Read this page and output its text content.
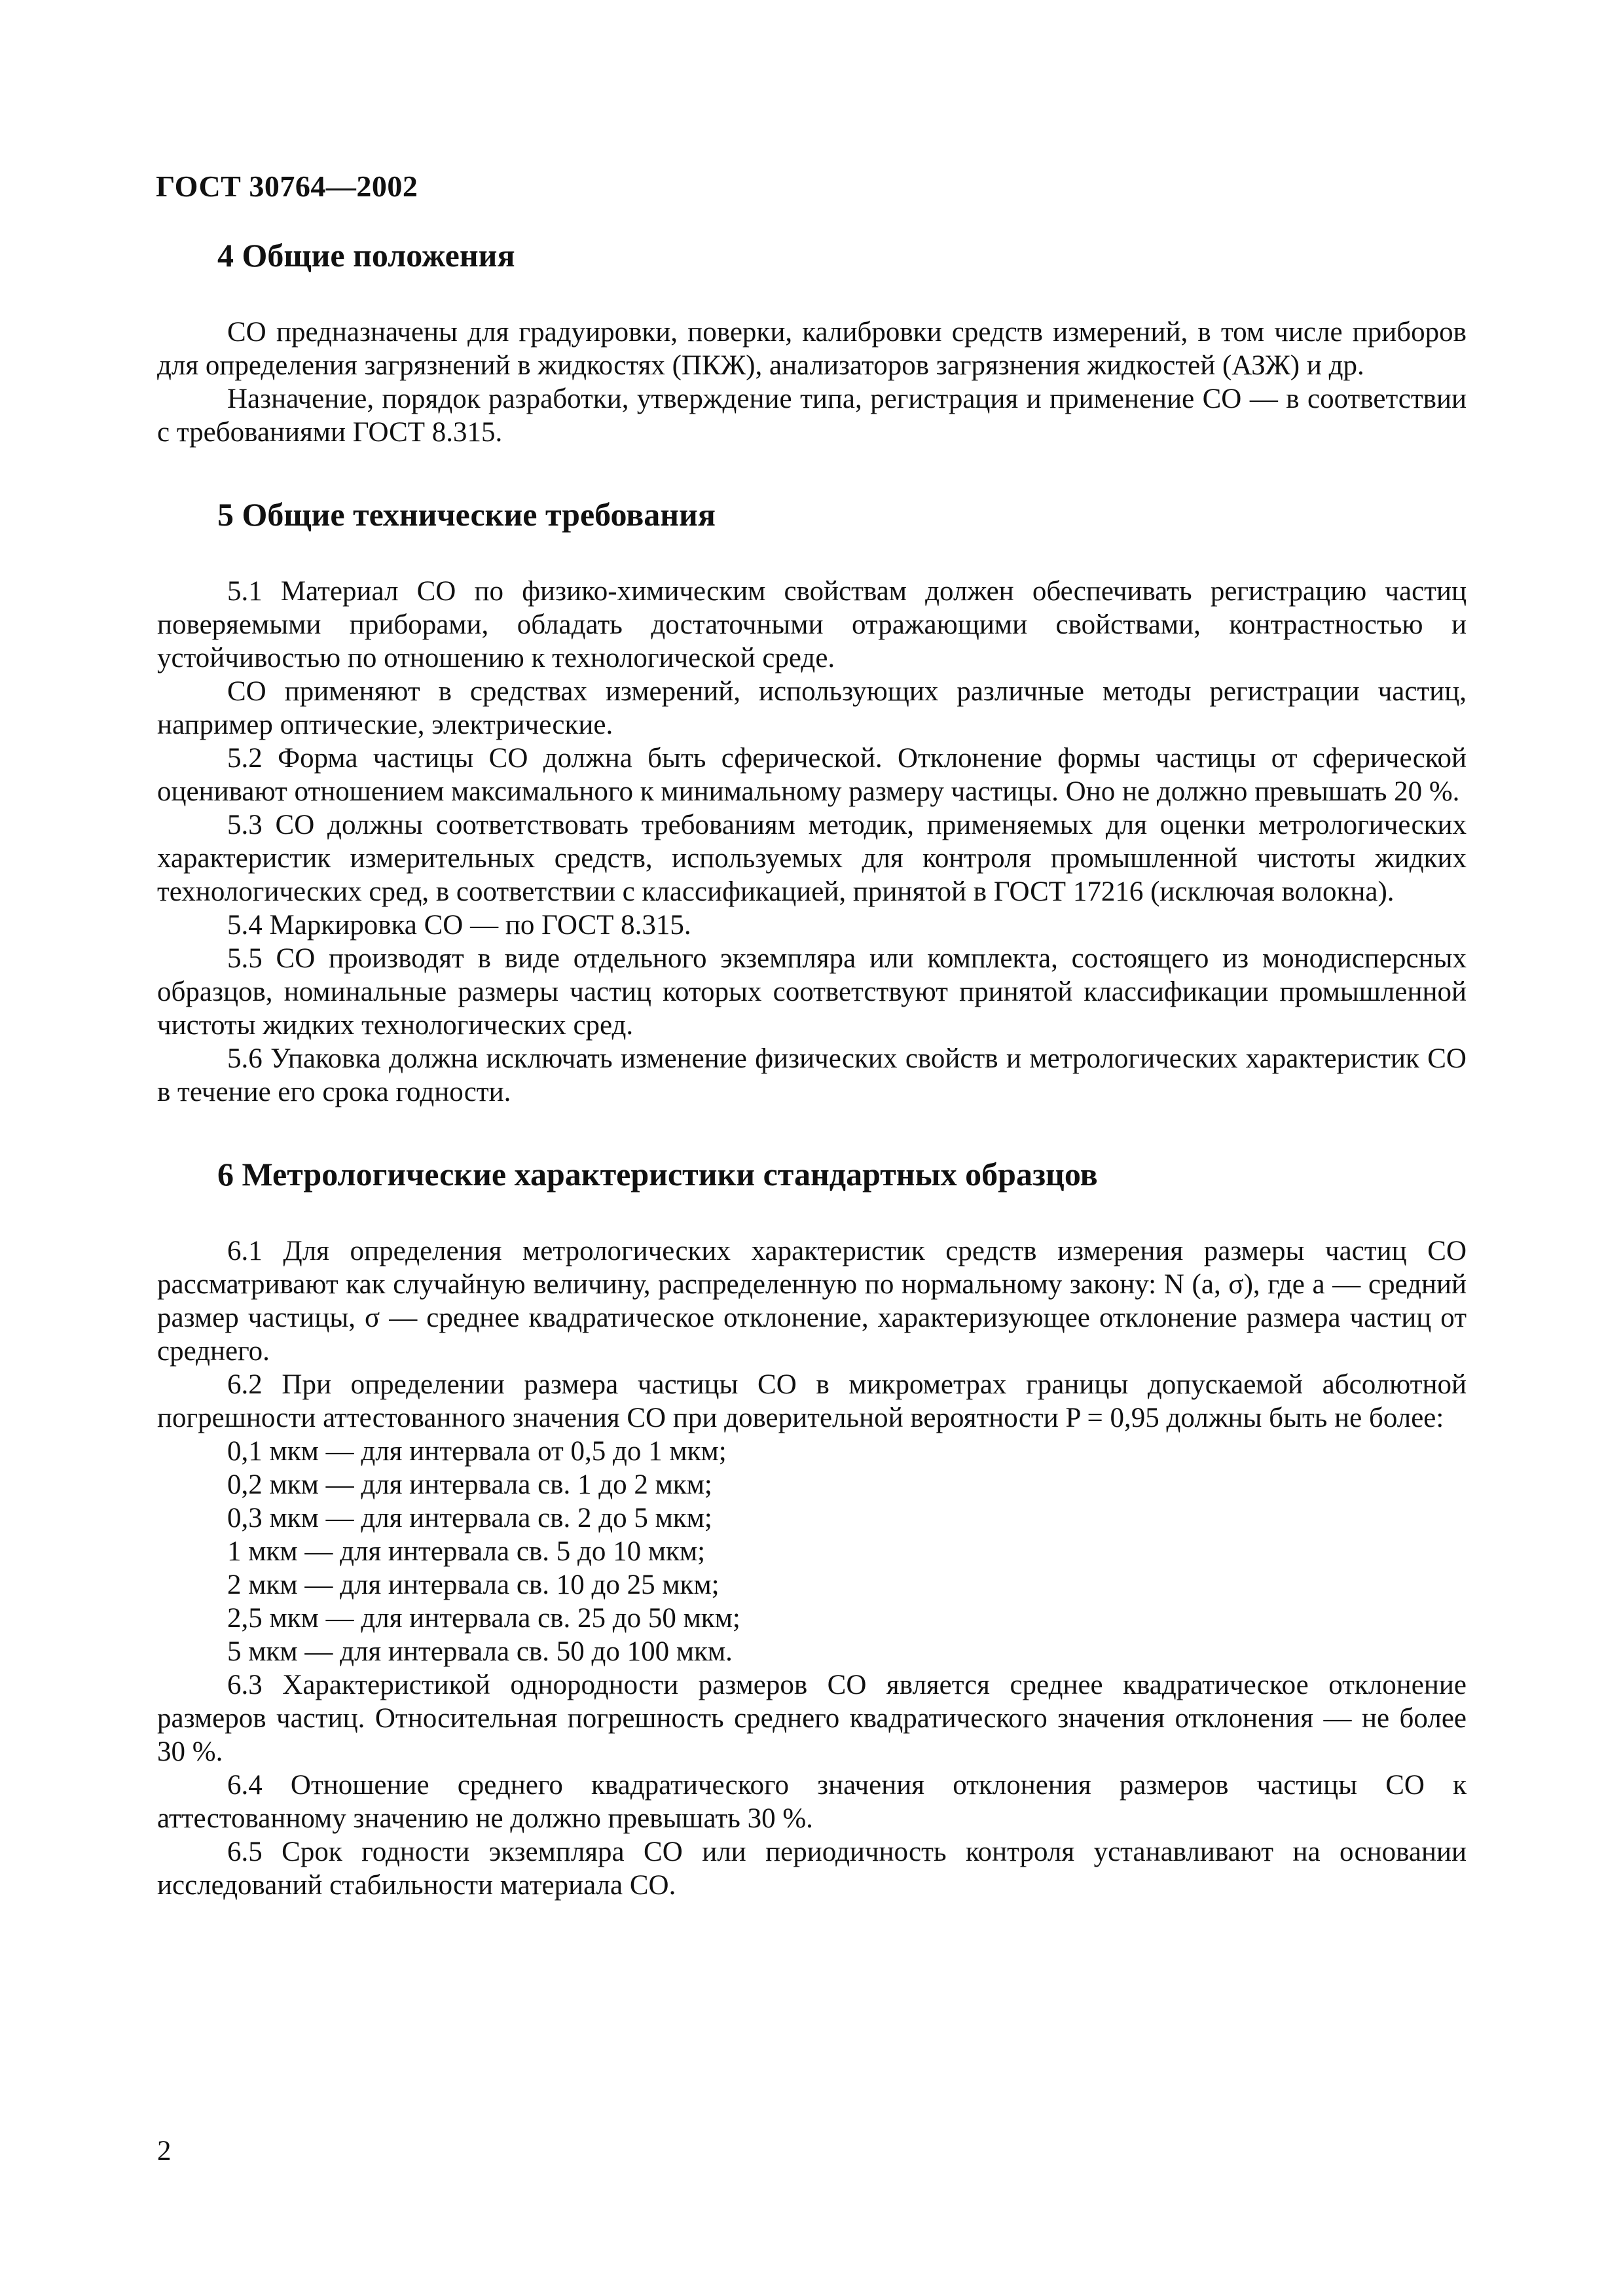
ГОСТ 30764—2002
4 Общие положения

СО предназначены для градуировки, поверки, калибровки средств измерений, в том числе приборов для определения загрязнений в жидкостях (ПКЖ), анализаторов загрязнения жидкостей (АЗЖ) и др.

Назначение, порядок разработки, утверждение типа, регистрация и применение СО — в соответствии с требованиями ГОСТ 8.315.

5 Общие технические требования

5.1 Материал СО по физико-химическим свойствам должен обеспечивать регистрацию частиц поверяемыми приборами, обладать достаточными отражающими свойствами, контрастностью и устойчивостью по отношению к технологической среде.

СО применяют в средствах измерений, использующих различные методы регистрации частиц, например оптические, электрические.

5.2 Форма частицы СО должна быть сферической. Отклонение формы частицы от сферической оценивают отношением максимального к минимальному размеру частицы. Оно не должно превышать 20 %.

5.3 СО должны соответствовать требованиям методик, применяемых для оценки метрологических характеристик измерительных средств, используемых для контроля промышленной чистоты жидких технологических сред, в соответствии с классификацией, принятой в ГОСТ 17216 (исключая волокна).

5.4 Маркировка СО — по ГОСТ 8.315.

5.5 СО производят в виде отдельного экземпляра или комплекта, состоящего из монодисперсных образцов, номинальные размеры частиц которых соответствуют принятой классификации промышленной чистоты жидких технологических сред.

5.6 Упаковка должна исключать изменение физических свойств и метрологических характеристик СО в течение его срока годности.

6 Метрологические характеристики стандартных образцов

6.1 Для определения метрологических характеристик средств измерения размеры частиц СО рассматривают как случайную величину, распределенную по нормальному закону: N (a, σ), где a — средний размер частицы, σ — среднее квадратическое отклонение, характеризующее отклонение размера частиц от среднего.

6.2 При определении размера частицы СО в микрометрах границы допускаемой абсолютной погрешности аттестованного значения СО при доверительной вероятности P = 0,95 должны быть не более:

0,1 мкм — для интервала от 0,5 до 1 мкм;

0,2 мкм — для интервала св. 1 до 2 мкм;

0,3 мкм — для интервала св. 2 до 5 мкм;

1 мкм — для интервала св. 5 до 10 мкм;

2 мкм — для интервала св. 10 до 25 мкм;

2,5 мкм — для интервала св. 25 до 50 мкм;

5 мкм — для интервала св. 50 до 100 мкм.

6.3 Характеристикой однородности размеров СО является среднее квадратическое отклонение размеров частиц. Относительная погрешность среднего квадратического значения отклонения — не более 30 %.

6.4 Отношение среднего квадратического значения отклонения размеров частицы СО к аттестованному значению не должно превышать 30 %.

6.5 Срок годности экземпляра СО или периодичность контроля устанавливают на основании исследований стабильности материала СО.

2
